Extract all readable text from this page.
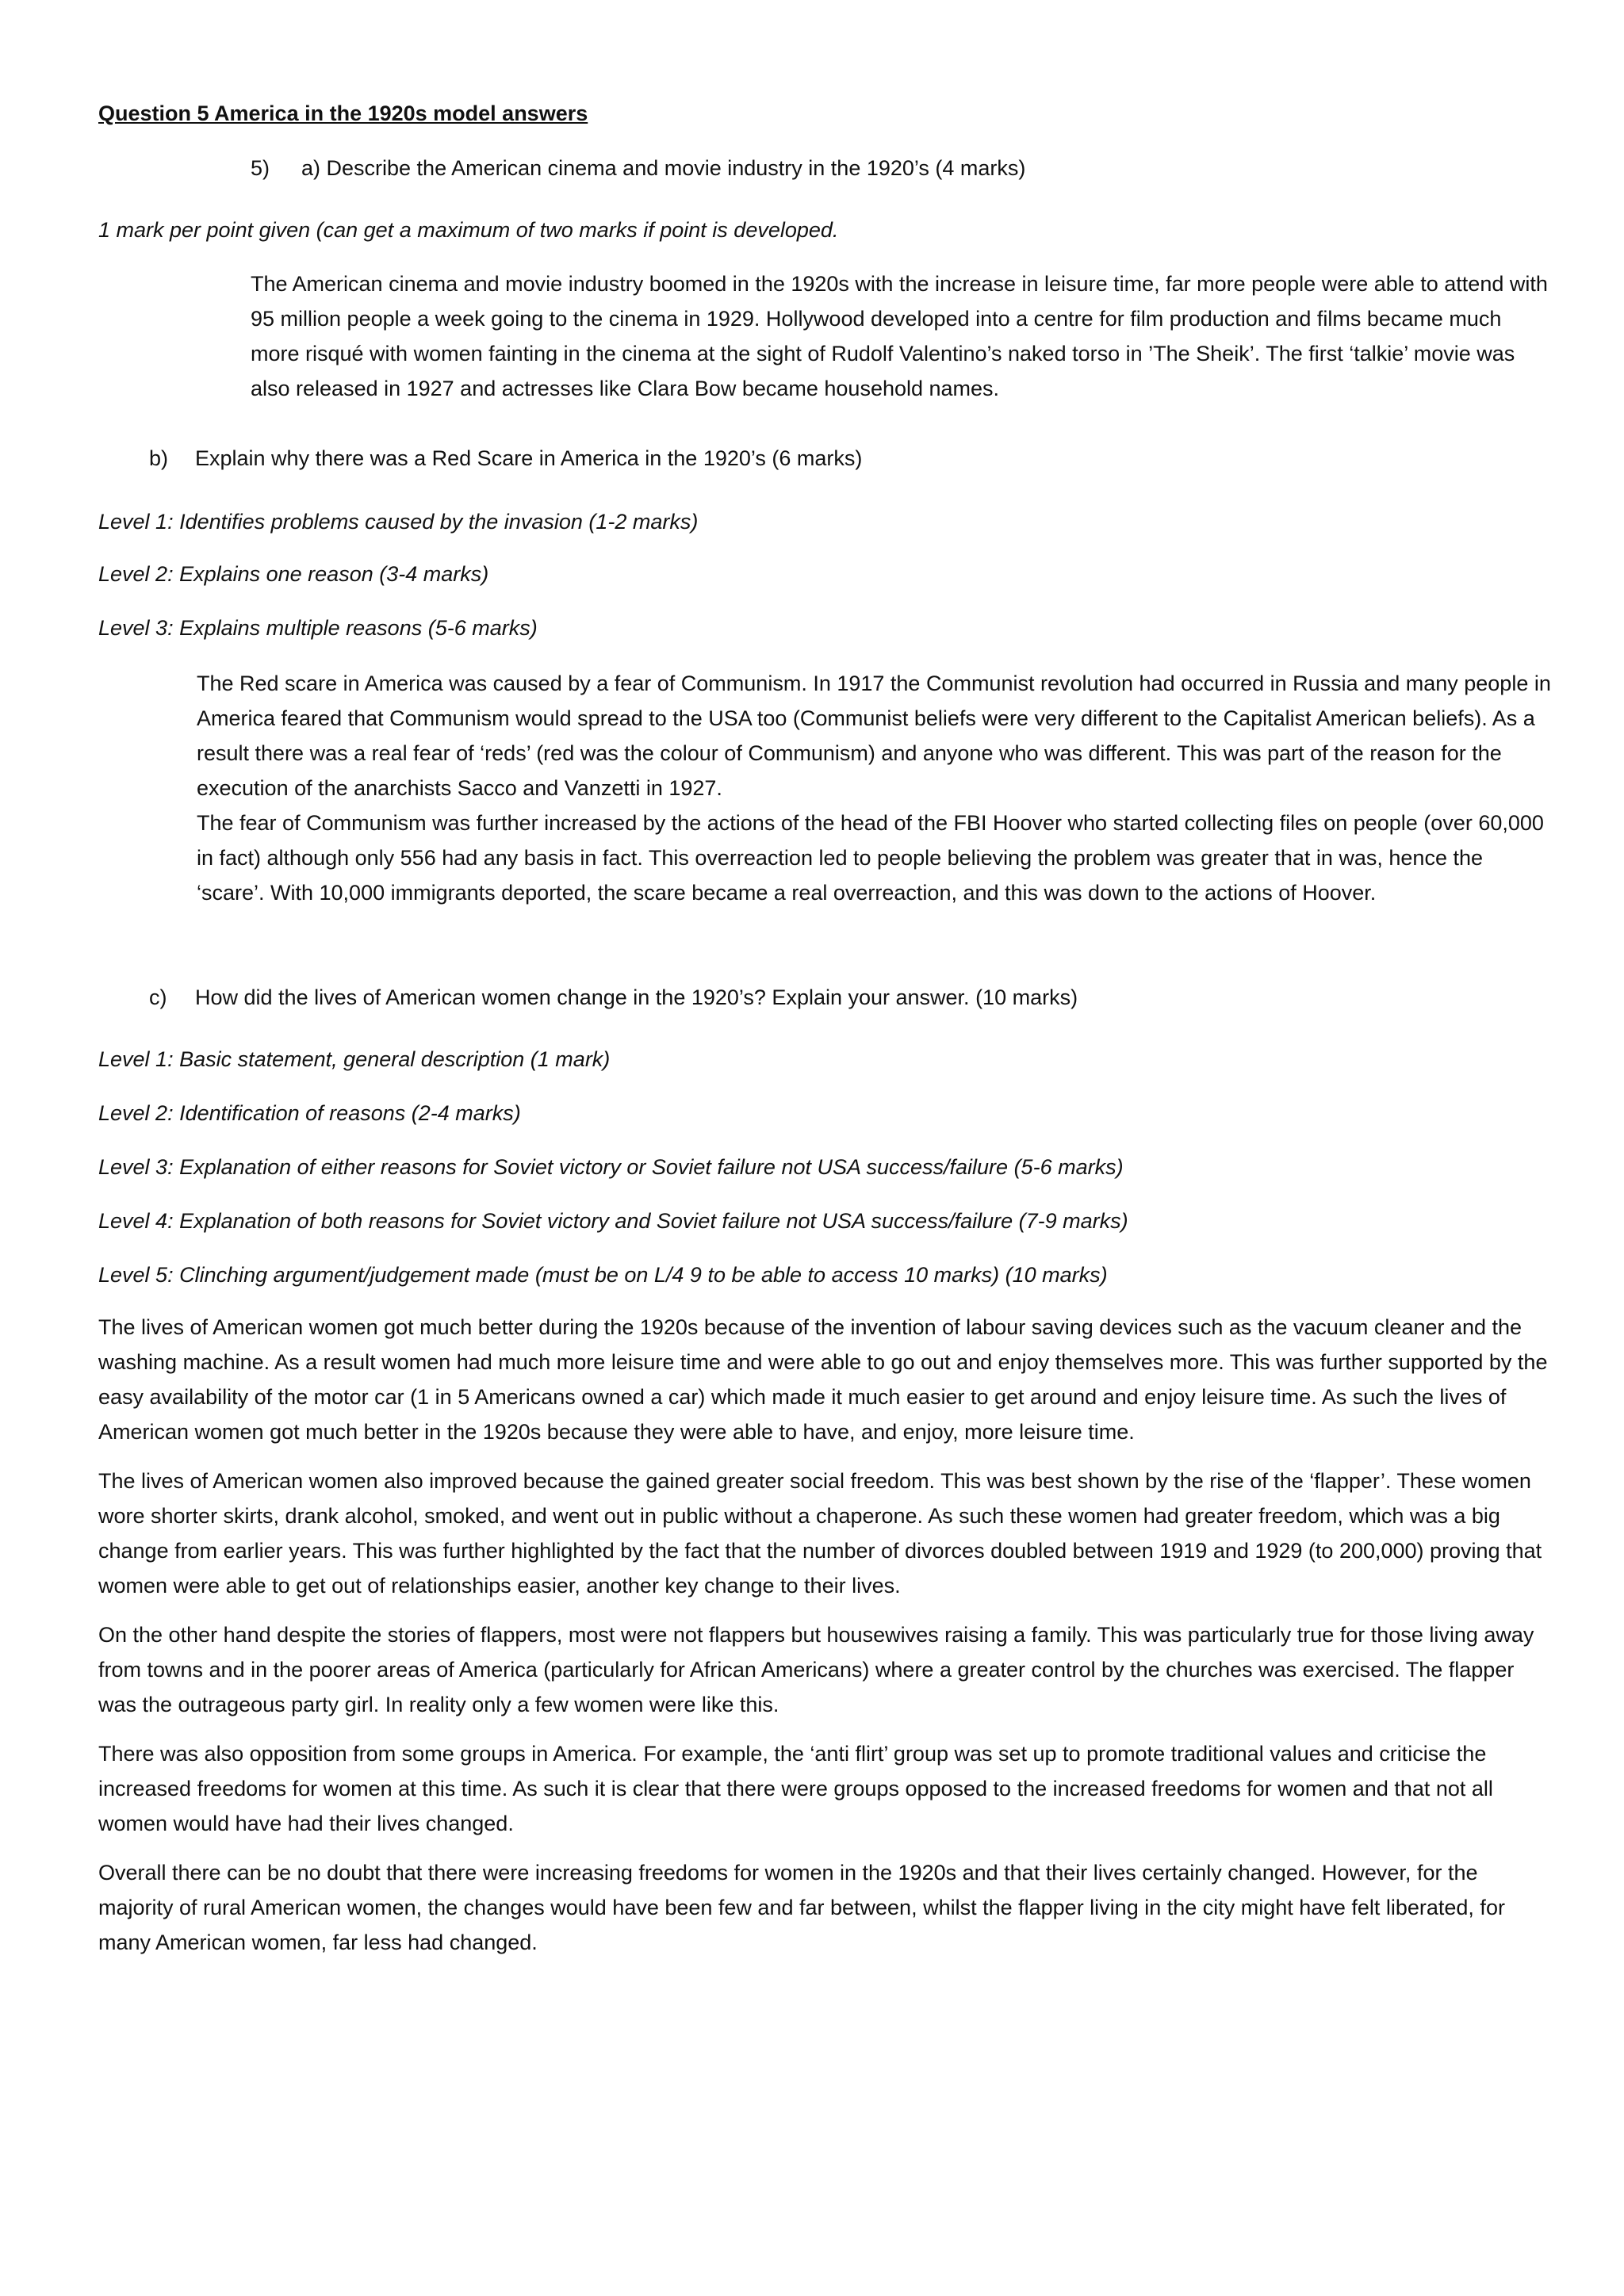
Question 5 America in the 1920s model answers
5) a) Describe the American cinema and movie industry in the 1920’s (4 marks)
1 mark per point given (can get a maximum of two marks if point is developed.
The American cinema and movie industry boomed in the 1920s with the increase in leisure time, far more people were able to attend with 95 million people a week going to the cinema in 1929. Hollywood developed into a centre for film production and films became much more risqué with women fainting in the cinema at the sight of Rudolf Valentino’s naked torso in ’The Sheik’. The first ‘talkie’ movie was also released in 1927 and actresses like Clara Bow became household names.
b) Explain why there was a Red Scare in America in the 1920’s (6 marks)
Level 1: Identifies problems caused by the invasion (1-2 marks)
Level 2: Explains one reason (3-4 marks)
Level 3: Explains multiple reasons (5-6 marks)
The Red scare in America was caused by a fear of Communism. In 1917 the Communist revolution had occurred in Russia and many people in America feared that Communism would spread to the USA too (Communist beliefs were very different to the Capitalist American beliefs). As a result there was a real fear of ‘reds’ (red was the colour of Communism) and anyone who was different. This was part of the reason for the execution of the anarchists Sacco and Vanzetti in 1927.
The fear of Communism was further increased by the actions of the head of the FBI Hoover who started collecting files on people (over 60,000 in fact) although only 556 had any basis in fact. This overreaction led to people believing the problem was greater that in was, hence the ‘scare’. With 10,000 immigrants deported, the scare became a real overreaction, and this was down to the actions of Hoover.
c) How did the lives of American women change in the 1920’s? Explain your answer. (10 marks)
Level 1: Basic statement, general description (1 mark)
Level 2: Identification of reasons (2-4 marks)
Level 3: Explanation of either reasons for Soviet victory or Soviet failure not USA success/failure (5-6 marks)
Level 4: Explanation of both reasons for Soviet victory and Soviet failure not USA success/failure (7-9 marks)
Level 5: Clinching argument/judgement made (must be on L/4 9 to be able to access 10 marks) (10 marks)
The lives of American women got much better during the 1920s because of the invention of labour saving devices such as the vacuum cleaner and the washing machine. As a result women had much more leisure time and were able to go out and enjoy themselves more. This was further supported by the easy availability of the motor car (1 in 5 Americans owned a car) which made it much easier to get around and enjoy leisure time. As such the lives of American women got much better in the 1920s because they were able to have, and enjoy, more leisure time.
The lives of American women also improved because the gained greater social freedom. This was best shown by the rise of the ‘flapper’. These women wore shorter skirts, drank alcohol, smoked, and went out in public without a chaperone. As such these women had greater freedom, which was a big change from earlier years. This was further highlighted by the fact that the number of divorces doubled between 1919 and 1929 (to 200,000) proving that women were able to get out of relationships easier, another key change to their lives.
On the other hand despite the stories of flappers, most were not flappers but housewives raising a family. This was particularly true for those living away from towns and in the poorer areas of America (particularly for African Americans) where a greater control by the churches was exercised. The flapper was the outrageous party girl. In reality only a few women were like this.
There was also opposition from some groups in America. For example, the ‘anti flirt’ group was set up to promote traditional values and criticise the increased freedoms for women at this time. As such it is clear that there were groups opposed to the increased freedoms for women and that not all women would have had their lives changed.
Overall there can be no doubt that there were increasing freedoms for women in the 1920s and that their lives certainly changed. However, for the majority of rural American women, the changes would have been few and far between, whilst the flapper living in the city might have felt liberated, for many American women, far less had changed.
